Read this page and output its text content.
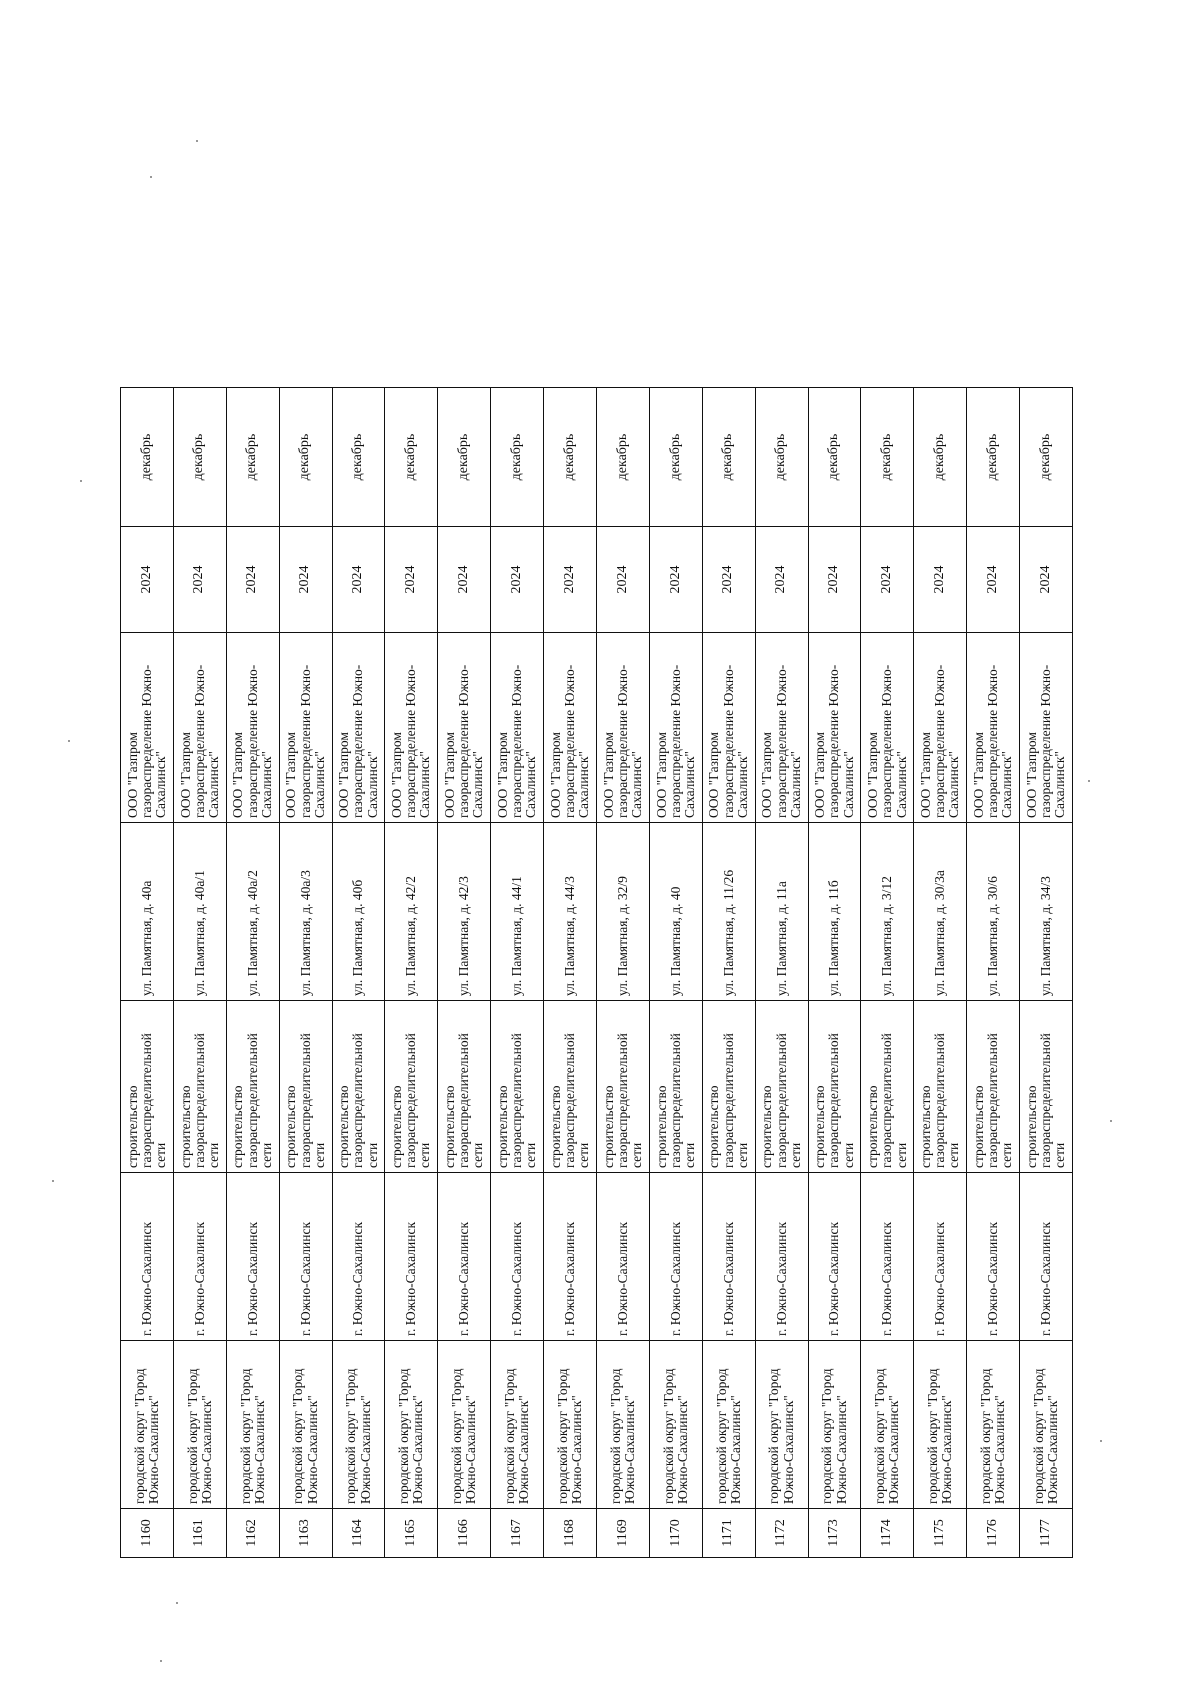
1160	городской округ "Город Южно-Сахалинск"	г. Южно-Сахалинск	строительство газораспределительной сети	ул. Памятная, д. 40а	ООО "Газпром газораспределение Южно-Сахалинск"	2024	декабрь
1161	городской округ "Город Южно-Сахалинск"	г. Южно-Сахалинск	строительство газораспределительной сети	ул. Памятная, д. 40а/1	ООО "Газпром газораспределение Южно-Сахалинск"	2024	декабрь
1162	городской округ "Город Южно-Сахалинск"	г. Южно-Сахалинск	строительство газораспределительной сети	ул. Памятная, д. 40а/2	ООО "Газпром газораспределение Южно-Сахалинск"	2024	декабрь
1163	городской округ "Город Южно-Сахалинск"	г. Южно-Сахалинск	строительство газораспределительной сети	ул. Памятная, д. 40а/3	ООО "Газпром газораспределение Южно-Сахалинск"	2024	декабрь
1164	городской округ "Город Южно-Сахалинск"	г. Южно-Сахалинск	строительство газораспределительной сети	ул. Памятная, д. 40б	ООО "Газпром газораспределение Южно-Сахалинск"	2024	декабрь
1165	городской округ "Город Южно-Сахалинск"	г. Южно-Сахалинск	строительство газораспределительной сети	ул. Памятная, д. 42/2	ООО "Газпром газораспределение Южно-Сахалинск"	2024	декабрь
1166	городской округ "Город Южно-Сахалинск"	г. Южно-Сахалинск	строительство газораспределительной сети	ул. Памятная, д. 42/3	ООО "Газпром газораспределение Южно-Сахалинск"	2024	декабрь
1167	городской округ "Город Южно-Сахалинск"	г. Южно-Сахалинск	строительство газораспределительной сети	ул. Памятная, д. 44/1	ООО "Газпром газораспределение Южно-Сахалинск"	2024	декабрь
1168	городской округ "Город Южно-Сахалинск"	г. Южно-Сахалинск	строительство газораспределительной сети	ул. Памятная, д. 44/3	ООО "Газпром газораспределение Южно-Сахалинск"	2024	декабрь
1169	городской округ "Город Южно-Сахалинск"	г. Южно-Сахалинск	строительство газораспределительной сети	ул. Памятная, д. 32/9	ООО "Газпром газораспределение Южно-Сахалинск"	2024	декабрь
1170	городской округ "Город Южно-Сахалинск"	г. Южно-Сахалинск	строительство газораспределительной сети	ул. Памятная, д. 40	ООО "Газпром газораспределение Южно-Сахалинск"	2024	декабрь
1171	городской округ "Город Южно-Сахалинск"	г. Южно-Сахалинск	строительство газораспределительной сети	ул. Памятная, д. 11/26	ООО "Газпром газораспределение Южно-Сахалинск"	2024	декабрь
1172	городской округ "Город Южно-Сахалинск"	г. Южно-Сахалинск	строительство газораспределительной сети	ул. Памятная, д. 11а	ООО "Газпром газораспределение Южно-Сахалинск"	2024	декабрь
1173	городской округ "Город Южно-Сахалинск"	г. Южно-Сахалинск	строительство газораспределительной сети	ул. Памятная, д. 11б	ООО "Газпром газораспределение Южно-Сахалинск"	2024	декабрь
1174	городской округ "Город Южно-Сахалинск"	г. Южно-Сахалинск	строительство газораспределительной сети	ул. Памятная, д. 3/12	ООО "Газпром газораспределение Южно-Сахалинск"	2024	декабрь
1175	городской округ "Город Южно-Сахалинск"	г. Южно-Сахалинск	строительство газораспределительной сети	ул. Памятная, д. 30/3а	ООО "Газпром газораспределение Южно-Сахалинск"	2024	декабрь
1176	городской округ "Город Южно-Сахалинск"	г. Южно-Сахалинск	строительство газораспределительной сети	ул. Памятная, д. 30/6	ООО "Газпром газораспределение Южно-Сахалинск"	2024	декабрь
1177	городской округ "Город Южно-Сахалинск"	г. Южно-Сахалинск	строительство газораспределительной сети	ул. Памятная, д. 34/3	ООО "Газпром газораспределение Южно-Сахалинск"	2024	декабрь
